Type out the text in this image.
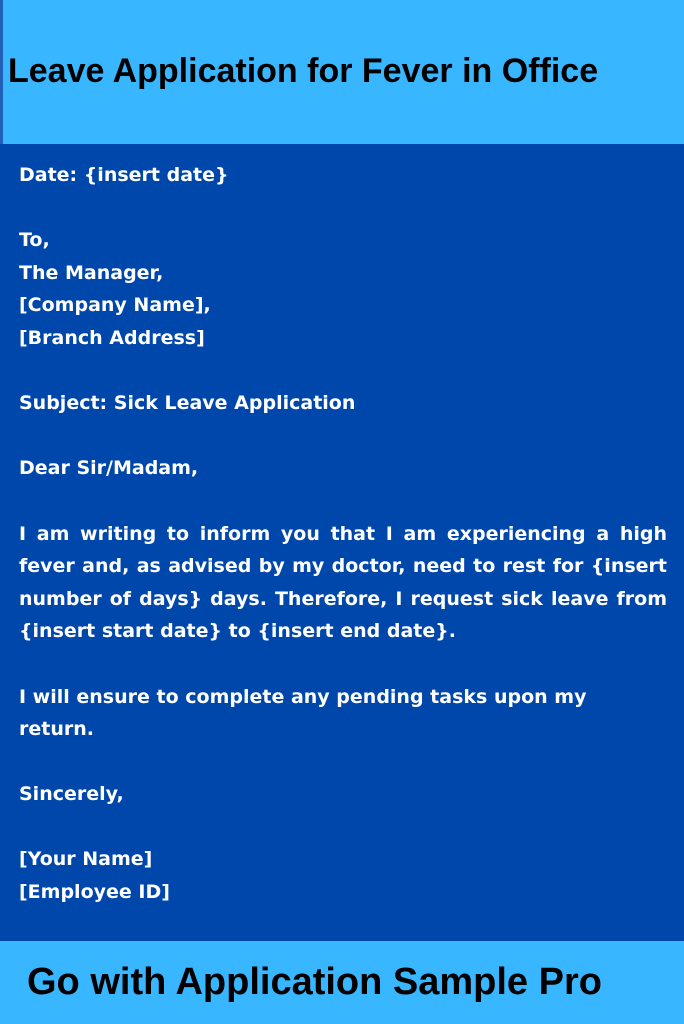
Leave Application for Fever in Office

Date: {insert date}

To,

The Manager,

[Company Name],

[Branch Address]

Subject: Sick Leave Application

Dear Sir/Madam,

I am writing to inform you that I am experiencing a high fever and, as advised by my doctor, need to rest for {insert number of days} days. Therefore, I request sick leave from {insert start date} to {insert end date}.

I will ensure to complete any pending tasks upon my return.

Sincerely,

[Your Name]

[Employee ID]

Go with Application Sample Pro
